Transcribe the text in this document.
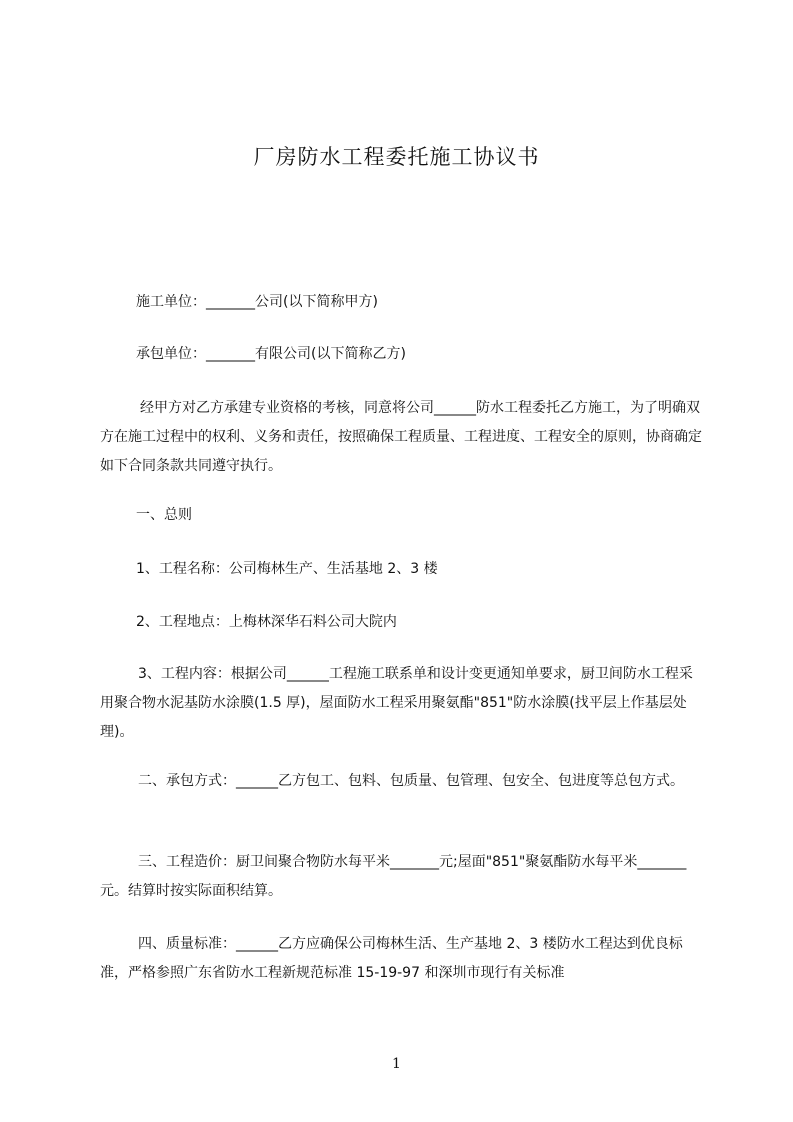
厂房防水工程委托施工协议书
施工单位：_______公司(以下简称甲方)
承包单位：_______有限公司(以下简称乙方)
经甲方对乙方承建专业资格的考核，同意将公司______防水工程委托乙方施工，为了明确双方在施工过程中的权利、义务和责任，按照确保工程质量、工程进度、工程安全的原则，协商确定如下合同条款共同遵守执行。
一、总则
1、工程名称：公司梅林生产、生活基地 2、3 楼
2、工程地点：上梅林深华石料公司大院内
3、工程内容：根据公司______工程施工联系单和设计变更通知单要求，厨卫间防水工程采用聚合物水泥基防水涂膜(1.5 厚)，屋面防水工程采用聚氨酯"851"防水涂膜(找平层上作基层处理)。
二、承包方式：______乙方包工、包料、包质量、包管理、包安全、包进度等总包方式。
三、工程造价：厨卫间聚合物防水每平米_______元;屋面"851"聚氨酯防水每平米_______元。结算时按实际面积结算。
四、质量标准：______乙方应确保公司梅林生活、生产基地 2、3 楼防水工程达到优良标准，严格参照广东省防水工程新规范标准 15-19-97 和深圳市现行有关标准
1
